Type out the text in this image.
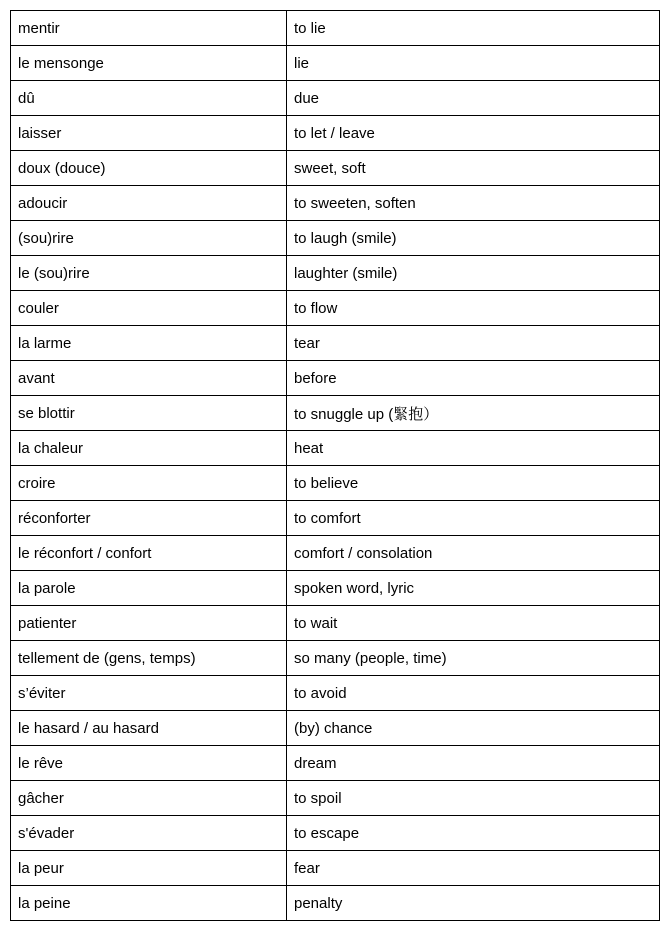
mentir	to lie
le mensonge	lie
dû	due
laisser	to let / leave
doux (douce)	sweet, soft
adoucir	to sweeten, soften
(sou)rire	to laugh (smile)
le (sou)rire	laughter (smile)
couler	to flow
la larme	tear
avant	before
se blottir	to snuggle up (緊抱）
la chaleur	heat
croire	to believe
réconforter	to comfort
le réconfort / confort	comfort / consolation
la parole	spoken word, lyric
patienter	to wait
tellement de (gens, temps)	so many (people, time)
s’éviter	to avoid
le hasard / au hasard	(by) chance
le rêve	dream
gâcher	to spoil
s'évader	to escape
la peur	fear
la peine	penalty
